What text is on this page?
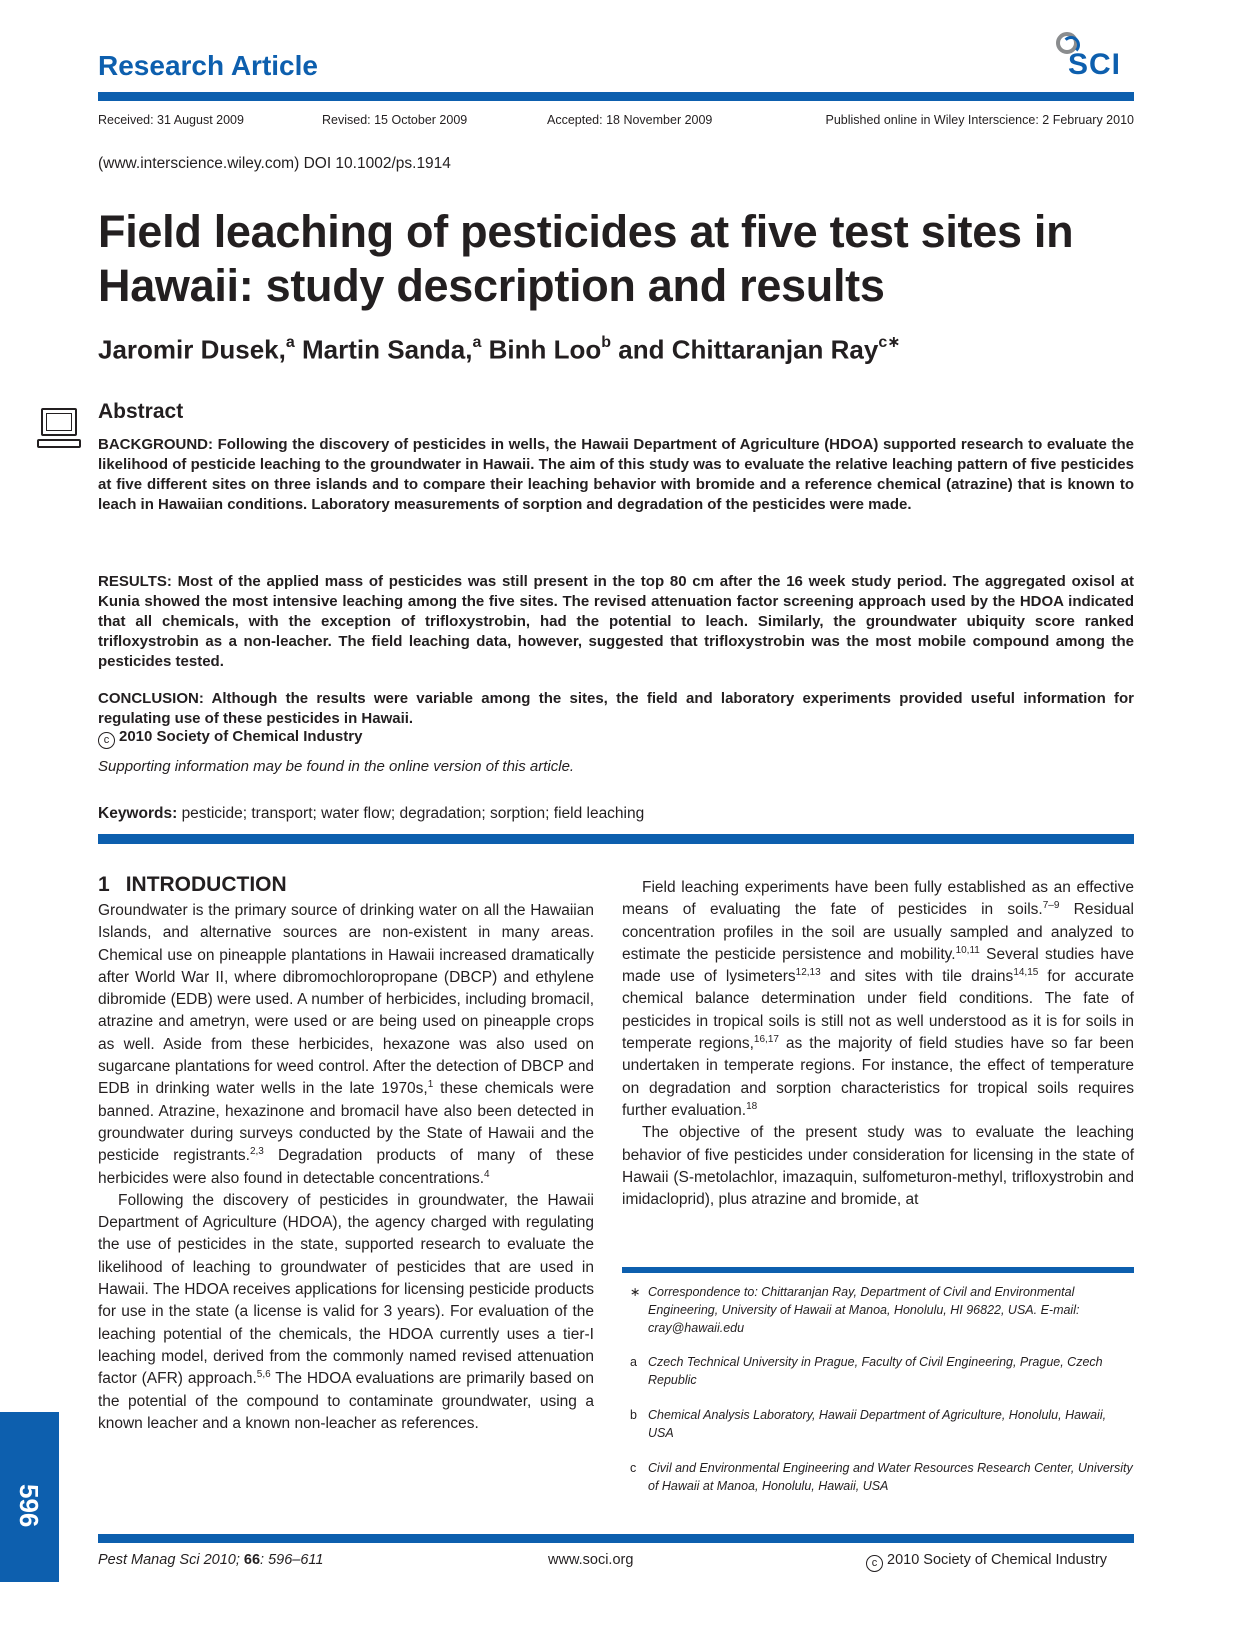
Research Article	SCI
Received: 31 August 2009	Revised: 15 October 2009	Accepted: 18 November 2009	Published online in Wiley Interscience: 2 February 2010
(www.interscience.wiley.com) DOI 10.1002/ps.1914
Field leaching of pesticides at five test sites in Hawaii: study description and results
Jaromir Dusek,$^a$ Martin Sanda,$^a$ Binh Loo$^b$ and Chittaranjan Ray$^{c∗}$
Abstract

BACKGROUND: Following the discovery of pesticides in wells, the Hawaii Department of Agriculture (HDOA) supported research to evaluate the likelihood of pesticide leaching to the groundwater in Hawaii. The aim of this study was to evaluate the relative leaching pattern of five pesticides at five different sites on three islands and to compare their leaching behavior with bromide and a reference chemical (atrazine) that is known to leach in Hawaiian conditions. Laboratory measurements of sorption and degradation of the pesticides were made.

RESULTS: Most of the applied mass of pesticides was still present in the top 80 cm after the 16 week study period. The aggregated oxisol at Kunia showed the most intensive leaching among the five sites. The revised attenuation factor screening approach used by the HDOA indicated that all chemicals, with the exception of trifloxystrobin, had the potential to leach. Similarly, the groundwater ubiquity score ranked trifloxystrobin as a non-leacher. The field leaching data, however, suggested that trifloxystrobin was the most mobile compound among the pesticides tested.

CONCLUSION: Although the results were variable among the sites, the field and laboratory experiments provided useful information for regulating use of these pesticides in Hawaii.

c 2010 Society of Chemical Industry
Supporting information may be found in the online version of this article.
Keywords: pesticide; transport; water flow; degradation; sorption; field leaching
1 INTRODUCTION

Groundwater is the primary source of drinking water on all the Hawaiian Islands, and alternative sources are non-existent in many areas. Chemical use on pineapple plantations in Hawaii increased dramatically after World War II, where dibromochloropropane (DBCP) and ethylene dibromide (EDB) were used. A number of herbicides, including bromacil, atrazine and ametryn, were used or are being used on pineapple crops as well. Aside from these herbicides, hexazone was also used on sugarcane plantations for weed control. After the detection of DBCP and EDB in drinking water wells in the late 1970s,$^1$ these chemicals were banned. Atrazine, hexazinone and bromacil have also been detected in groundwater during surveys conducted by the State of Hawaii and the pesticide registrants.$^{2,3}$ Degradation products of many of these herbicides were also found in detectable concentrations.$^4$

Following the discovery of pesticides in groundwater, the Hawaii Department of Agriculture (HDOA), the agency charged with regulating the use of pesticides in the state, supported research to evaluate the likelihood of leaching to groundwater of pesticides that are used in Hawaii. The HDOA receives applications for licensing pesticide products for use in the state (a license is valid for 3 years). For evaluation of the leaching potential of the chemicals, the HDOA currently uses a tier-I leaching model, derived from the commonly named revised attenuation factor (AFR) approach.$^{5,6}$ The HDOA evaluations are primarily based on the potential of the compound to contaminate groundwater, using a known leacher and a known non-leacher as references.

Field leaching experiments have been fully established as an effective means of evaluating the fate of pesticides in soils.$^{7-9}$ Residual concentration profiles in the soil are usually sampled and analyzed to estimate the pesticide persistence and mobility.$^{10,11}$ Several studies have made use of lysimeters$^{12,13}$ and sites with tile drains$^{14,15}$ for accurate chemical balance determination under field conditions. The fate of pesticides in tropical soils is still not as well understood as it is for soils in temperate regions,$^{16,17}$ as the majority of field studies have so far been undertaken in temperate regions. For instance, the effect of temperature on degradation and sorption characteristics for tropical soils requires further evaluation.$^{18}$

The objective of the present study was to evaluate the leaching behavior of five pesticides under consideration for licensing in the state of Hawaii (S-metolachlor, imazaquin, sulfometuron-methyl, trifloxystrobin and imidacloprid), plus atrazine and bromide, at

∗ Correspondence to: Chittaranjan Ray, Department of Civil and Environmental Engineering, University of Hawaii at Manoa, Honolulu, HI 96822, USA. E-mail: cray@hawaii.edu
a Czech Technical University in Prague, Faculty of Civil Engineering, Prague, Czech Republic
b Chemical Analysis Laboratory, Hawaii Department of Agriculture, Honolulu, Hawaii, USA
c Civil and Environmental Engineering and Water Resources Research Center, University of Hawaii at Manoa, Honolulu, Hawaii, USA
596
Pest Manag Sci 2010; 66: 596–611	www.soci.org	c 2010 Society of Chemical Industry
